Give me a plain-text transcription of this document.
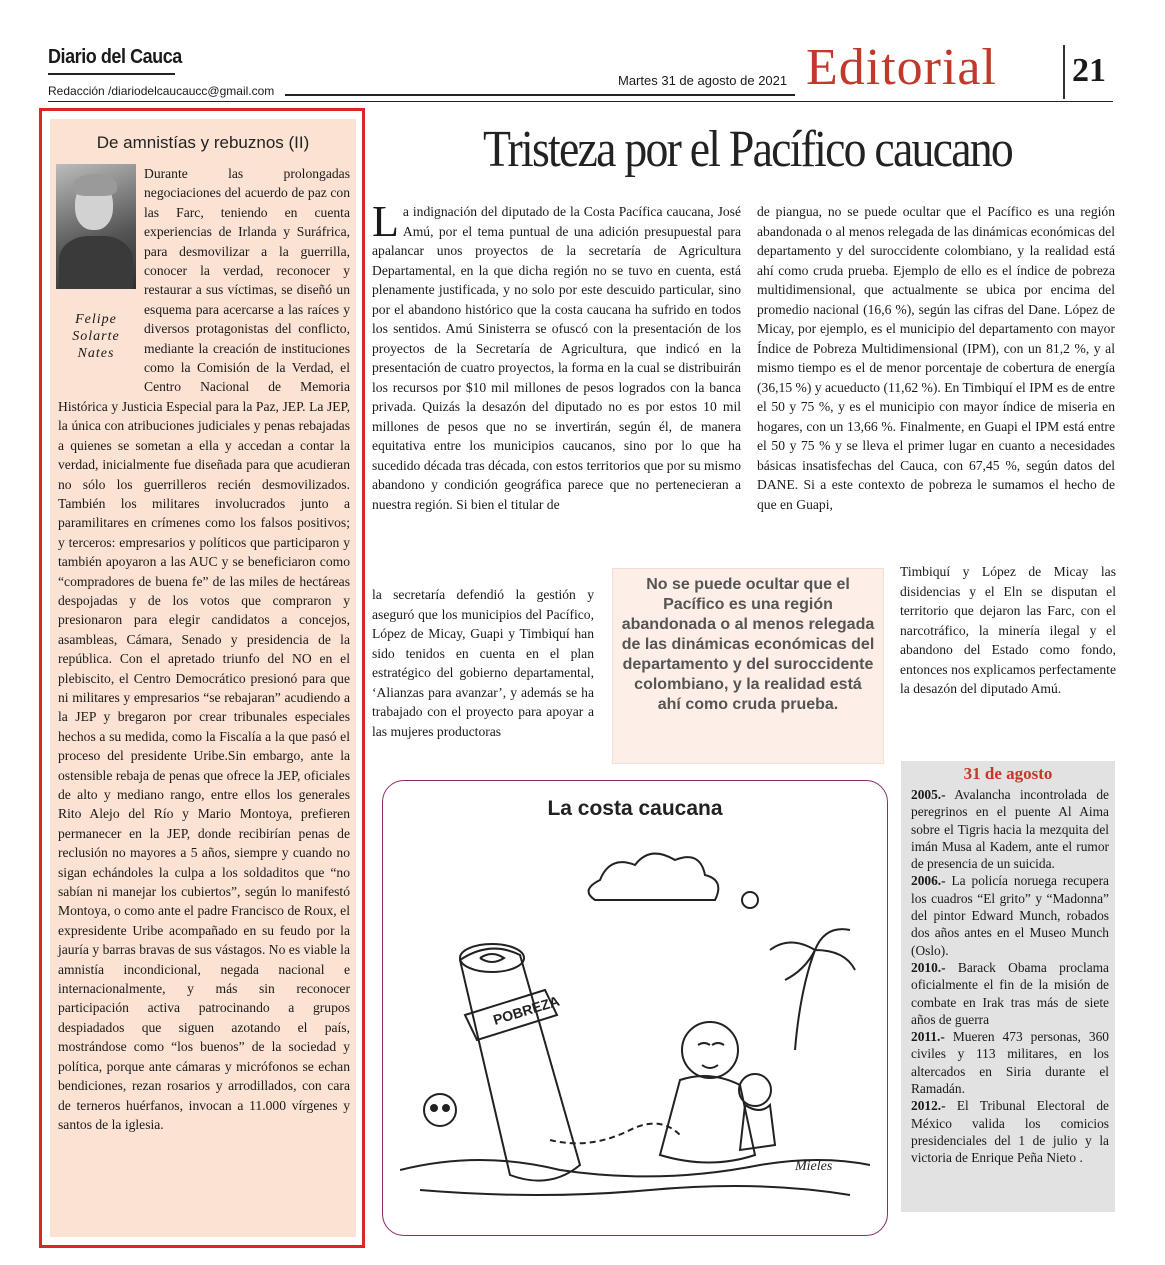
Diario del Cauca
Redacción /diariodelcaucaucc@gmail.com
Martes 31 de agosto de 2021 Editorial 21
De amnistías y rebuznos (II)
Felipe
Solarte
Nates
Durante las prolongadas negociaciones del acuerdo de paz con las Farc, teniendo en cuenta experiencias de Irlanda y Suráfrica, para desmovilizar a la guerrilla, conocer la verdad, reconocer y restaurar a sus víctimas, se diseñó un esquema para acercarse a las raíces y diversos protagonistas del conflicto, mediante la creación de instituciones como la Comisión de la Verdad, el Centro Nacional de Memoria Histórica y Justicia Especial para la Paz, JEP. La JEP, la única con atribuciones judiciales y penas rebajadas a quienes se sometan a ella y accedan a contar la verdad, inicialmente fue diseñada para que acudieran no sólo los guerrilleros recién desmovilizados. También los militares involucrados junto a paramilitares en crímenes como los falsos positivos; y terceros: empresarios y políticos que participaron y también apoyaron a las AUC y se beneficiaron como “compradores de buena fe” de las miles de hectáreas despojadas y de los votos que compraron y presionaron para elegir candidatos a concejos, asambleas, Cámara, Senado y presidencia de la república. Con el apretado triunfo del NO en el plebiscito, el Centro Democrático presionó para que ni militares y empresarios “se rebajaran” acudiendo a la JEP y bregaron por crear tribunales especiales hechos a su medida, como la Fiscalía a la que pasó el proceso del presidente Uribe.Sin embargo, ante la ostensible rebaja de penas que ofrece la JEP, oficiales de alto y mediano rango, entre ellos los generales Rito Alejo del Río y Mario Montoya, prefieren permanecer en la JEP, donde recibirían penas de reclusión no mayores a 5 años, siempre y cuando no sigan echándoles la culpa a los soldaditos que “no sabían ni manejar los cubiertos”, según lo manifestó Montoya, o como ante el padre Francisco de Roux, el expresidente Uribe acompañado en su feudo por la jauría y barras bravas de sus vástagos. No es viable la amnistía incondicional, negada nacional e internacionalmente, y más sin reconocer participación activa patrocinando a grupos despiadados que siguen azotando el país, mostrándose como “los buenos” de la sociedad y política, porque ante cámaras y micrófonos se echan bendiciones, rezan rosarios y arrodillados, con cara de terneros huérfanos, invocan a 11.000 vírgenes y santos de la iglesia.
Tristeza por el Pacífico caucano
La indignación del diputado de la Costa Pacífica caucana, José Amú, por el tema puntual de una adición presupuestal para apalancar unos proyectos de la secretaría de Agricultura Departamental, en la que dicha región no se tuvo en cuenta, está plenamente justificada, y no solo por este descuido particular, sino por el abandono histórico que la costa caucana ha sufrido en todos los sentidos. Amú Sinisterra se ofuscó con la presentación de los proyectos de la Secretaría de Agricultura, que indicó en la presentación de cuatro proyectos, la forma en la cual se distribuirán los recursos por $10 mil millones de pesos logrados con la banca privada. Quizás la desazón del diputado no es por estos 10 mil millones de pesos que no se invertirán, según él, de manera equitativa entre los municipios caucanos, sino por lo que ha sucedido década tras década, con estos territorios que por su mismo abandono y condición geográfica parece que no pertenecieran a nuestra región. Si bien el titular de
la secretaría defendió la gestión y aseguró que los municipios del Pacífico, López de Micay, Guapi y Timbiquí han sido tenidos en cuenta en el plan estratégico del gobierno departamental, ‘Alianzas para avanzar’, y además se ha trabajado con el proyecto para apoyar a las mujeres productoras
de piangua, no se puede ocultar que el Pacífico es una región abandonada o al menos relegada de las dinámicas económicas del departamento y del suroccidente colombiano, y la realidad está ahí como cruda prueba. Ejemplo de ello es el índice de pobreza multidimensional, que actualmente se ubica por encima del promedio nacional (16,6 %), según las cifras del Dane. López de Micay, por ejemplo, es el municipio del departamento con mayor Índice de Pobreza Multidimensional (IPM), con un 81,2 %, y al mismo tiempo es el de menor porcentaje de cobertura de energía (36,15 %) y acueducto (11,62 %). En Timbiquí el IPM es de entre el 50 y 75 %, y es el municipio con mayor índice de miseria en hogares, con un 13,66 %. Finalmente, en Guapi el IPM está entre el 50 y 75 % y se lleva el primer lugar en cuanto a necesidades básicas insatisfechas del Cauca, con 67,45 %, según datos del DANE. Si a este contexto de pobreza le sumamos el hecho de que en Guapi,
Timbiquí y López de Micay las disidencias y el Eln se disputan el territorio que dejaron las Farc, con el narcotráfico, la minería ilegal y el abandono del Estado como fondo, entonces nos explicamos perfectamente la desazón del diputado Amú.
No se puede ocultar que el Pacífico es una región abandonada o al menos relegada de las dinámicas económicas del departamento y del suroccidente colombiano, y la realidad está ahí como cruda prueba.
La costa caucana
POBREZA
Mieles
31 de agosto

2005.- Avalancha incontrolada de peregrinos en el puente Al Aima sobre el Tigris hacia la mezquita del imán Musa al Kadem, ante el rumor de presencia de un suicida.

2006.- La policía noruega recupera los cuadros “El grito” y “Madonna” del pintor Edward Munch, robados dos años antes en el Museo Munch (Oslo).

2010.- Barack Obama proclama oficialmente el fin de la misión de combate en Irak tras más de siete años de guerra

2011.- Mueren 473 personas, 360 civiles y 113 militares, en los altercados en Siria durante el Ramadán.

2012.- El Tribunal Electoral de México valida los comicios presidenciales del 1 de julio y la victoria de Enrique Peña Nieto .
